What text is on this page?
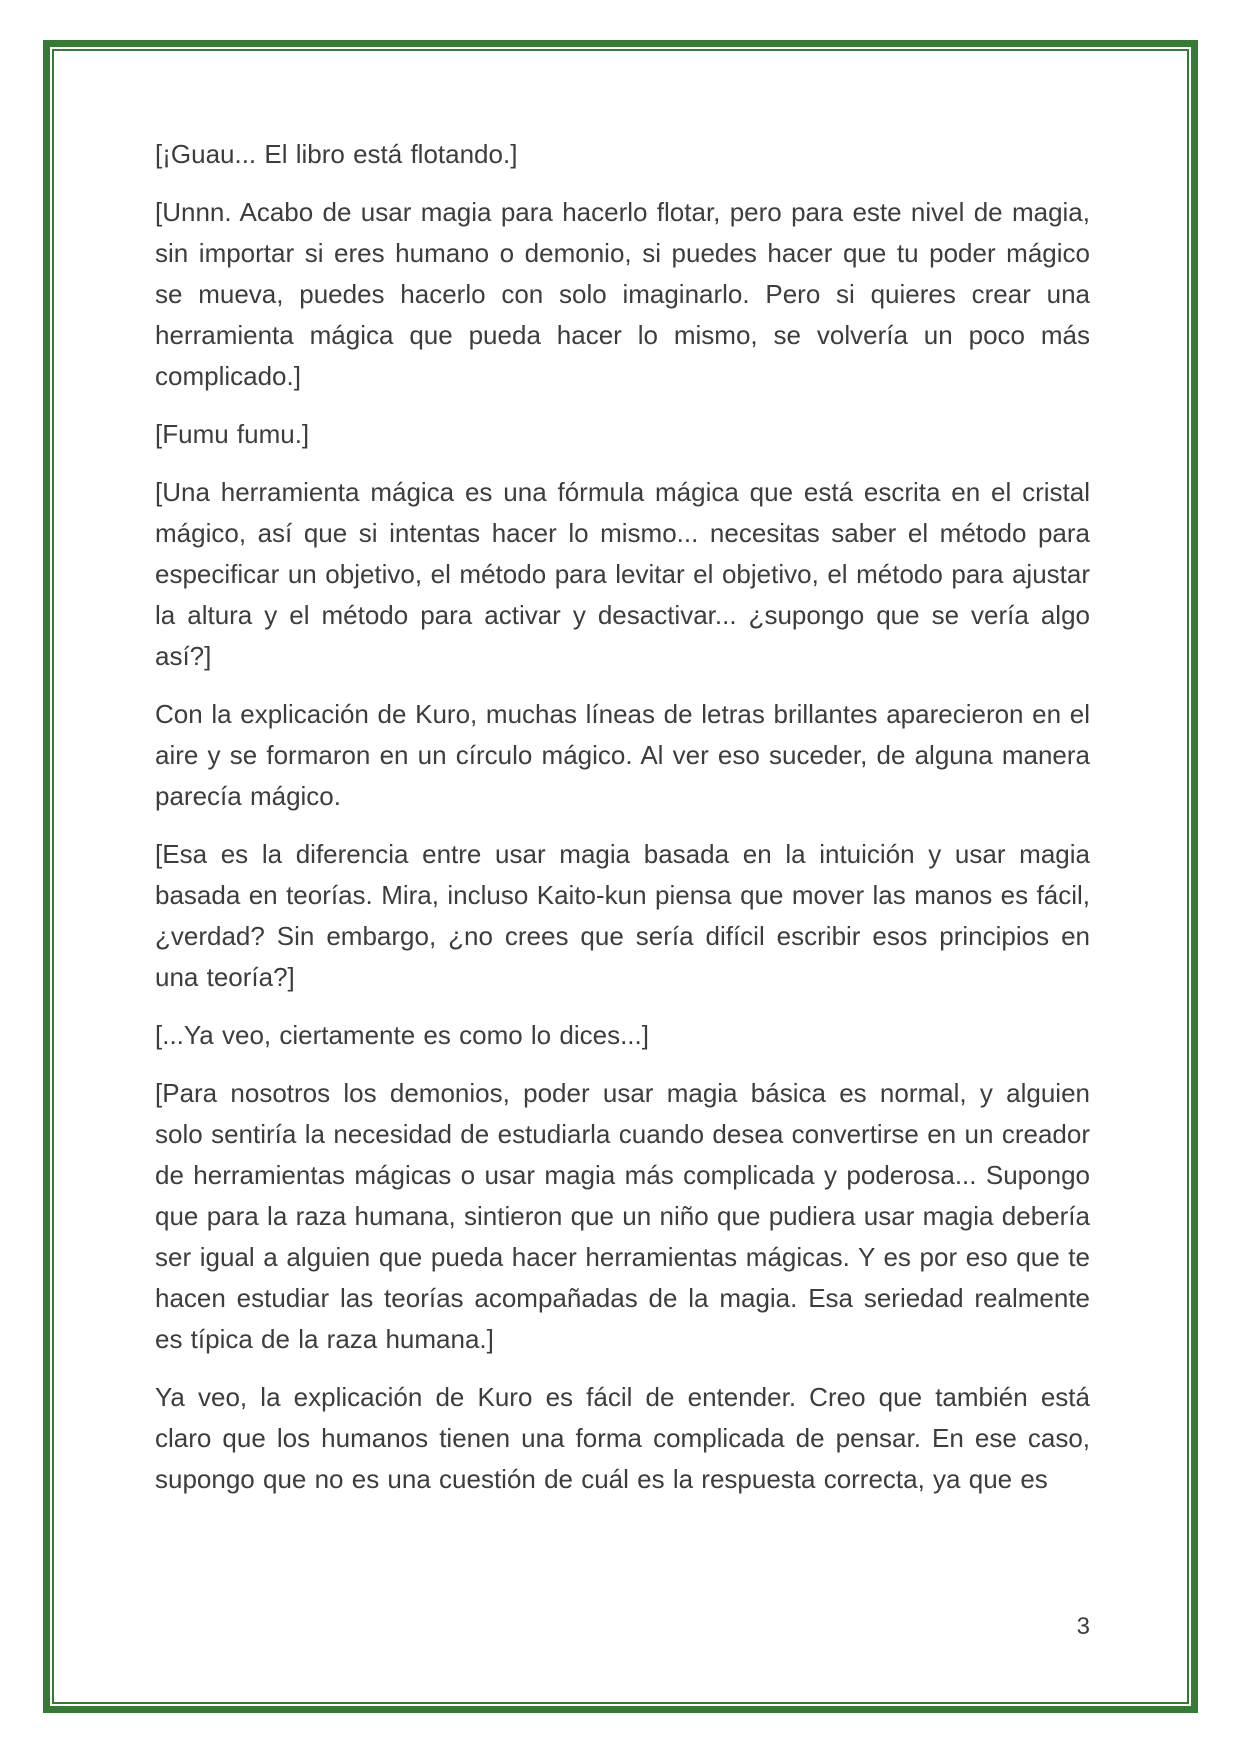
[¡Guau... El libro está flotando.]

[Unnn. Acabo de usar magia para hacerlo flotar, pero para este nivel de magia, sin importar si eres humano o demonio, si puedes hacer que tu poder mágico se mueva, puedes hacerlo con solo imaginarlo. Pero si quieres crear una herramienta mágica que pueda hacer lo mismo, se volvería un poco más complicado.]

[Fumu fumu.]

[Una herramienta mágica es una fórmula mágica que está escrita en el cristal mágico, así que si intentas hacer lo mismo... necesitas saber el método para especificar un objetivo, el método para levitar el objetivo, el método para ajustar la altura y el método para activar y desactivar... ¿supongo que se vería algo así?]

Con la explicación de Kuro, muchas líneas de letras brillantes aparecieron en el aire y se formaron en un círculo mágico. Al ver eso suceder, de alguna manera parecía mágico.

[Esa es la diferencia entre usar magia basada en la intuición y usar magia basada en teorías. Mira, incluso Kaito-kun piensa que mover las manos es fácil, ¿verdad? Sin embargo, ¿no crees que sería difícil escribir esos principios en una teoría?]

[...Ya veo, ciertamente es como lo dices...]

[Para nosotros los demonios, poder usar magia básica es normal, y alguien solo sentiría la necesidad de estudiarla cuando desea convertirse en un creador de herramientas mágicas o usar magia más complicada y poderosa... Supongo que para la raza humana, sintieron que un niño que pudiera usar magia debería ser igual a alguien que pueda hacer herramientas mágicas. Y es por eso que te hacen estudiar las teorías acompañadas de la magia. Esa seriedad realmente es típica de la raza humana.]

Ya veo, la explicación de Kuro es fácil de entender. Creo que también está claro que los humanos tienen una forma complicada de pensar. En ese caso, supongo que no es una cuestión de cuál es la respuesta correcta, ya que es

3
